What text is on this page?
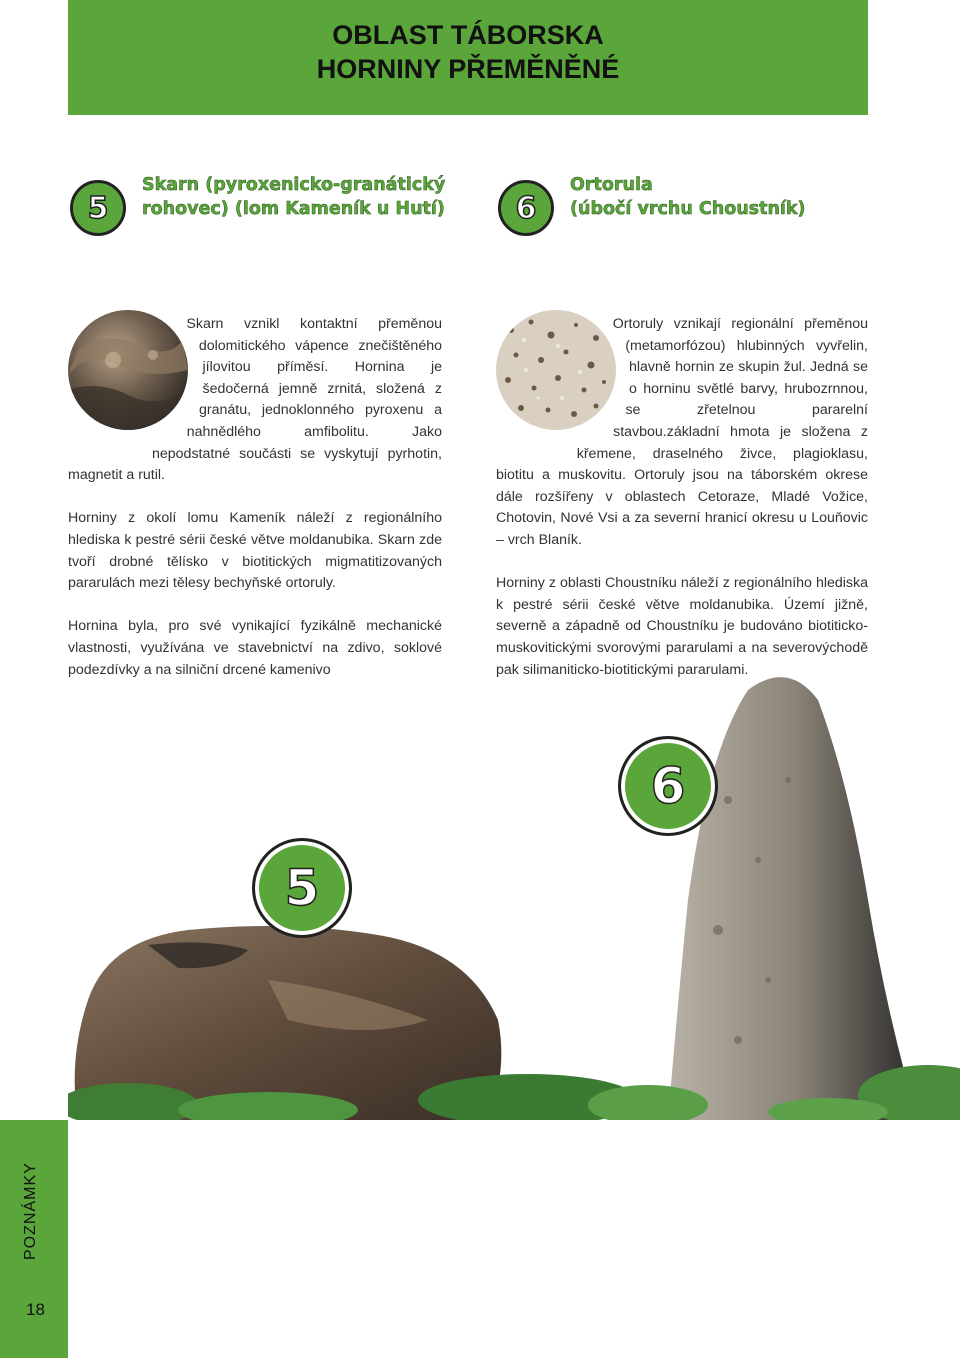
OBLAST TÁBORSKA
HORNINY PŘEMĚNĚNÉ
5
Skarn (pyroxenicko-granátický
rohovec) (lom Kameník u Hutí) 6
Ortorula
(úbočí vrchu Choustník)

Skarn vznikl kontaktní přeměnou dolomitického vápence znečištěného jílovitou příměsí. Hornina je šedočerná jemně zrnitá, složená z granátu, jednoklonného pyroxenu a nahnědlého amfibolitu. Jako nepodstatné součásti se vyskytují pyrhotin, magnetit a rutil.

Horniny z okolí lomu Kameník náleží z regionálního hlediska k pestré sérii české větve moldanubika. Skarn zde tvoří drobné tělísko v biotitických migmatitizovaných pararulách mezi tělesy bechyňské ortoruly.

Hornina byla, pro své vynikající fyzikálně mechanické vlastnosti, využívána ve stavebnictví na zdivo, soklové podezdívky a na silniční drcené kamenivo

Ortoruly vznikají regionální přeměnou (metamorfózou) hlubinných vyvřelin, hlavně hornin ze skupin žul. Jedná se o horninu světlé barvy, hrubozrnnou, se zřetelnou pararelní stavbou.základní hmota je složena z křemene, draselného živce, plagioklasu, biotitu a muskovitu. Ortoruly jsou na táborském okrese dále rozšířeny v oblastech Cetoraze, Mladé Vožice, Chotovin, Nové Vsi a za severní hranicí okresu u Louňovic – vrch Blaník.

Horniny z oblasti Choustníku náleží z regionálního hlediska k pestré sérii české větve moldanubika. Území jižně, severně a západně od Choustníku je budováno biotiticko-muskovitickými svorovými pararulami a na severovýchodě pak silimaniticko-biotitickými pararulami.

5
6
POZNÁMKY
18
